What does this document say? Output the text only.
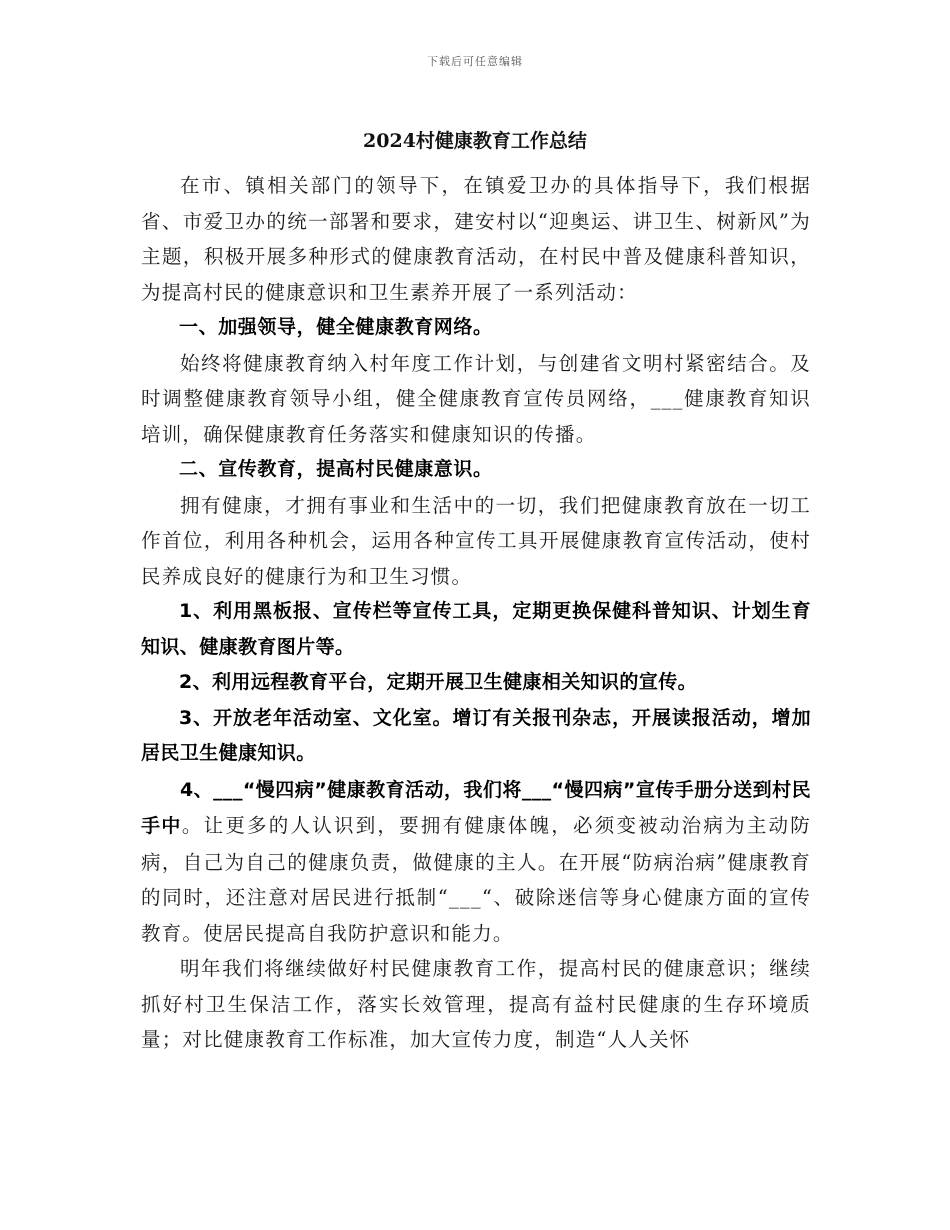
下载后可任意编辑
2024村健康教育工作总结

在市、镇相关部门的领导下，在镇爱卫办的具体指导下，我们根据省、市爱卫办的统一部署和要求，建安村以“迎奥运、讲卫生、树新风”为主题，积极开展多种形式的健康教育活动，在村民中普及健康科普知识，为提高村民的健康意识和卫生素养开展了一系列活动：

一、加强领导，健全健康教育网络。

始终将健康教育纳入村年度工作计划，与创建省文明村紧密结合。及时调整健康教育领导小组，健全健康教育宣传员网络，___健康教育知识培训，确保健康教育任务落实和健康知识的传播。

二、宣传教育，提高村民健康意识。

拥有健康，才拥有事业和生活中的一切，我们把健康教育放在一切工作首位，利用各种机会，运用各种宣传工具开展健康教育宣传活动，使村民养成良好的健康行为和卫生习惯。

1、利用黑板报、宣传栏等宣传工具，定期更换保健科普知识、计划生育知识、健康教育图片等。

2、利用远程教育平台，定期开展卫生健康相关知识的宣传。

3、开放老年活动室、文化室。增订有关报刊杂志，开展读报活动，增加居民卫生健康知识。

4、___“慢四病”健康教育活动，我们将___“慢四病”宣传手册分送到村民手中。让更多的人认识到，要拥有健康体魄，必须变被动治病为主动防病，自己为自己的健康负责，做健康的主人。在开展“防病治病”健康教育的同时，还注意对居民进行抵制“___“、破除迷信等身心健康方面的宣传教育。使居民提高自我防护意识和能力。

明年我们将继续做好村民健康教育工作，提高村民的健康意识；继续抓好村卫生保洁工作，落实长效管理，提高有益村民健康的生存环境质量；对比健康教育工作标准，加大宣传力度，制造“人人关怀
